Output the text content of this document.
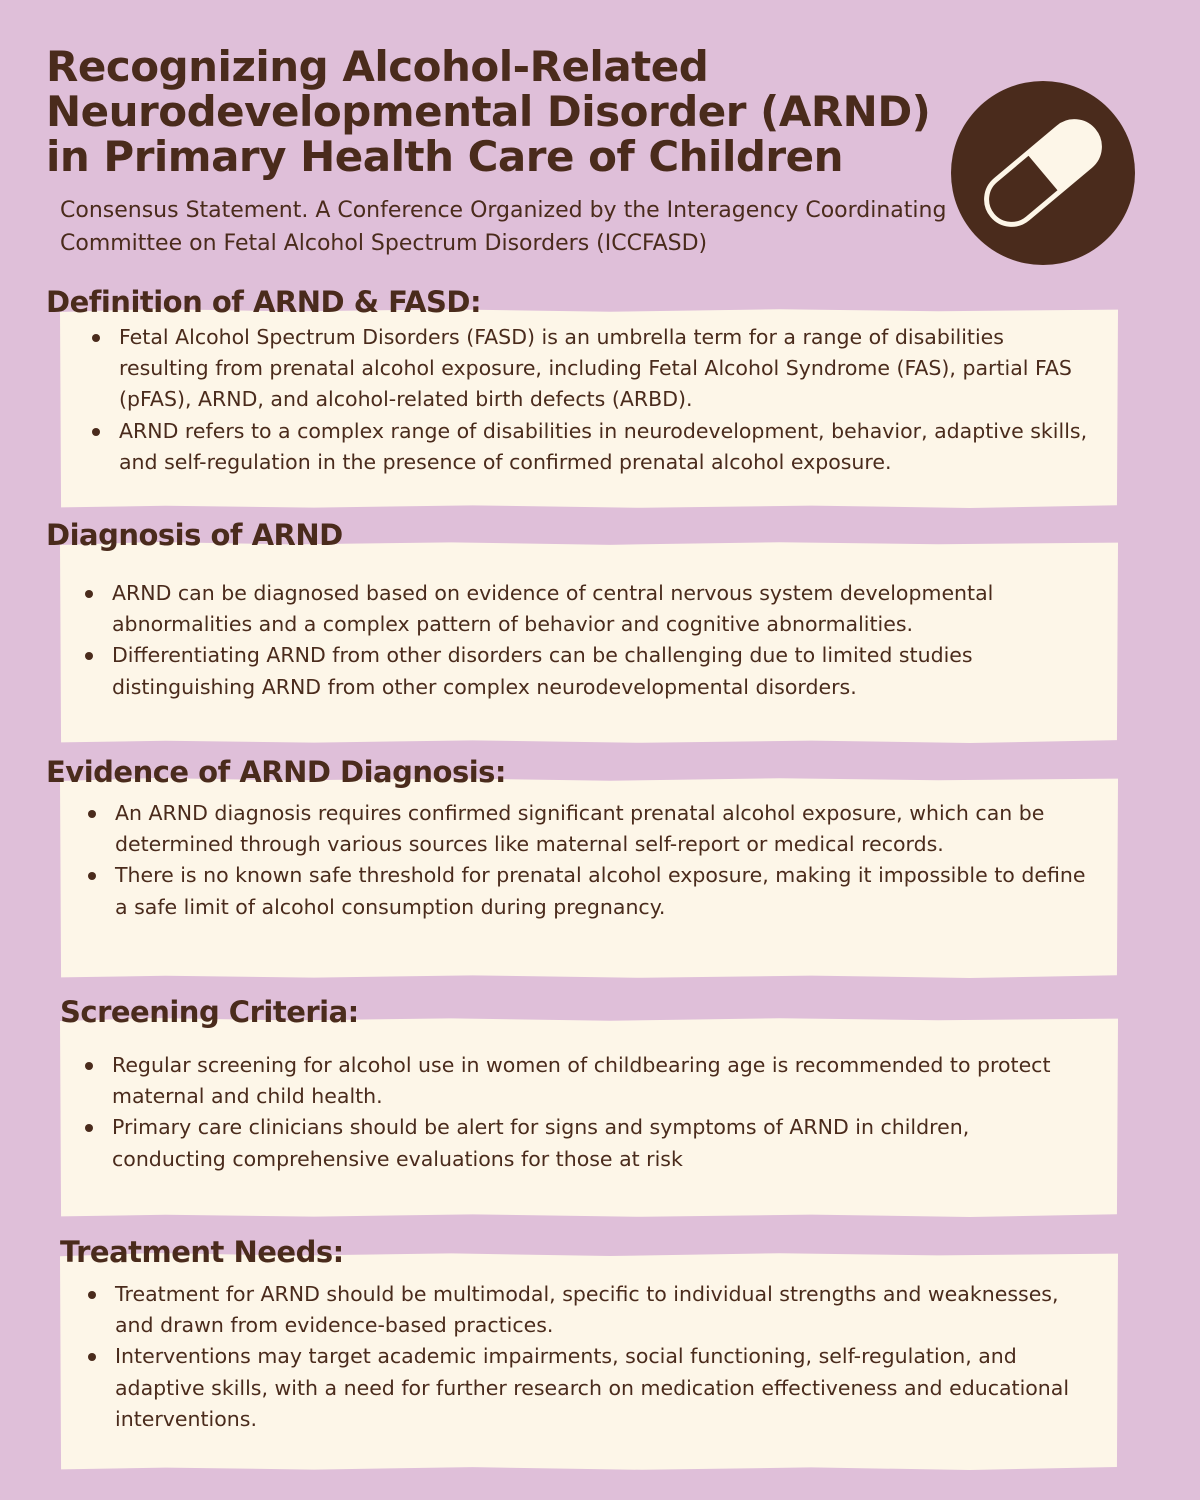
Recognizing Alcohol-Related Neurodevelopmental Disorder (ARND) in Primary Health Care of Children

Consensus Statement. A Conference Organized by the Interagency Coordinating Committee on Fetal Alcohol Spectrum Disorders (ICCFASD)

Definition of ARND & FASD:
Fetal Alcohol Spectrum Disorders (FASD) is an umbrella term for a range of disabilities resulting from prenatal alcohol exposure, including Fetal Alcohol Syndrome (FAS), partial FAS (pFAS), ARND, and alcohol-related birth defects (ARBD).
ARND refers to a complex range of disabilities in neurodevelopment, behavior, adaptive skills, and self-regulation in the presence of confirmed prenatal alcohol exposure.
Diagnosis of ARND
ARND can be diagnosed based on evidence of central nervous system developmental abnormalities and a complex pattern of behavior and cognitive abnormalities.
Differentiating ARND from other disorders can be challenging due to limited studies distinguishing ARND from other complex neurodevelopmental disorders.
Evidence of ARND Diagnosis:
An ARND diagnosis requires confirmed significant prenatal alcohol exposure, which can be determined through various sources like maternal self-report or medical records.
There is no known safe threshold for prenatal alcohol exposure, making it impossible to define a safe limit of alcohol consumption during pregnancy.
Screening Criteria:
Regular screening for alcohol use in women of childbearing age is recommended to protect maternal and child health.
Primary care clinicians should be alert for signs and symptoms of ARND in children, conducting comprehensive evaluations for those at risk
Treatment Needs:
Treatment for ARND should be multimodal, specific to individual strengths and weaknesses, and drawn from evidence-based practices.
Interventions may target academic impairments, social functioning, self-regulation, and adaptive skills, with a need for further research on medication effectiveness and educational interventions.
